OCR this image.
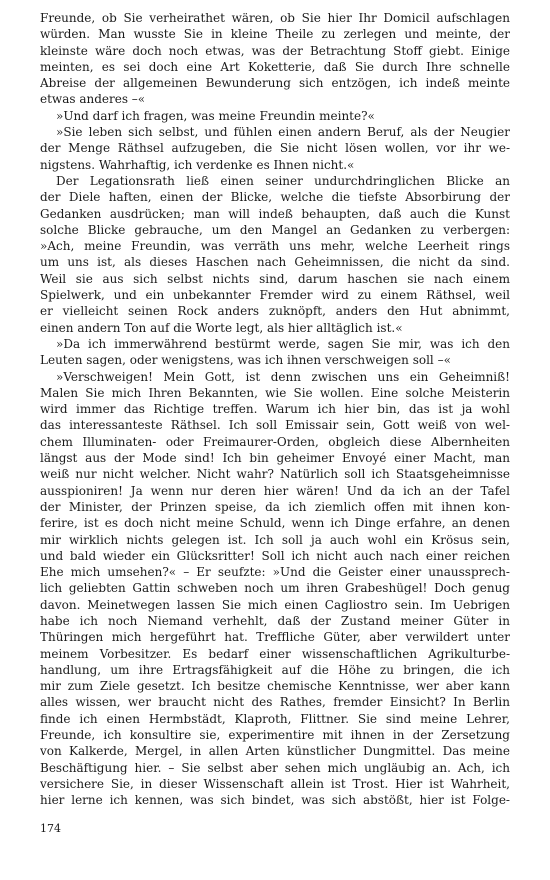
Freunde, ob Sie verheirathet wären, ob Sie hier Ihr Domicil aufschlagen
würden. Man wusste Sie in kleine Theile zu zerlegen und meinte, der
kleinste wäre doch noch etwas, was der Betrachtung Stoff giebt. Einige
meinten, es sei doch eine Art Koketterie, daß Sie durch Ihre schnelle
Abreise der allgemeinen Bewunderung sich entzögen, ich indeß meinte
etwas anderes –«
»Und darf ich fragen, was meine Freundin meinte?«
»Sie leben sich selbst, und fühlen einen andern Beruf, als der Neugier
der Menge Räthsel aufzugeben, die Sie nicht lösen wollen, vor ihr we-
nigstens. Wahrhaftig, ich verdenke es Ihnen nicht.«
Der Legationsrath ließ einen seiner undurchdringlichen Blicke an
der Diele haften, einen der Blicke, welche die tiefste Absorbirung der
Gedanken ausdrücken; man will indeß behaupten, daß auch die Kunst
solche Blicke gebrauche, um den Mangel an Gedanken zu verbergen:
»Ach, meine Freundin, was verräth uns mehr, welche Leerheit rings
um uns ist, als dieses Haschen nach Geheimnissen, die nicht da sind.
Weil sie aus sich selbst nichts sind, darum haschen sie nach einem
Spielwerk, und ein unbekannter Fremder wird zu einem Räthsel, weil
er vielleicht seinen Rock anders zuknöpft, anders den Hut abnimmt,
einen andern Ton auf die Worte legt, als hier alltäglich ist.«
»Da ich immerwährend bestürmt werde, sagen Sie mir, was ich den
Leuten sagen, oder wenigstens, was ich ihnen verschweigen soll –«
»Verschweigen! Mein Gott, ist denn zwischen uns ein Geheimniß!
Malen Sie mich Ihren Bekannten, wie Sie wollen. Eine solche Meisterin
wird immer das Richtige treffen. Warum ich hier bin, das ist ja wohl
das interessanteste Räthsel. Ich soll Emissair sein, Gott weiß von wel-
chem Illuminaten- oder Freimaurer-Orden, obgleich diese Albernheiten
längst aus der Mode sind! Ich bin geheimer Envoyé einer Macht, man
weiß nur nicht welcher. Nicht wahr? Natürlich soll ich Staatsgeheimnisse
ausspioniren! Ja wenn nur deren hier wären! Und da ich an der Tafel
der Minister, der Prinzen speise, da ich ziemlich offen mit ihnen kon-
ferire, ist es doch nicht meine Schuld, wenn ich Dinge erfahre, an denen
mir wirklich nichts gelegen ist. Ich soll ja auch wohl ein Krösus sein,
und bald wieder ein Glücksritter! Soll ich nicht auch nach einer reichen
Ehe mich umsehen?« – Er seufzte: »Und die Geister einer unaussprech-
lich geliebten Gattin schweben noch um ihren Grabeshügel! Doch genug
davon. Meinetwegen lassen Sie mich einen Cagliostro sein. Im Uebrigen
habe ich noch Niemand verhehlt, daß der Zustand meiner Güter in
Thüringen mich hergeführt hat. Treffliche Güter, aber verwildert unter
meinem Vorbesitzer. Es bedarf einer wissenschaftlichen Agrikulturbe-
handlung, um ihre Ertragsfähigkeit auf die Höhe zu bringen, die ich
mir zum Ziele gesetzt. Ich besitze chemische Kenntnisse, wer aber kann
alles wissen, wer braucht nicht des Rathes, fremder Einsicht? In Berlin
finde ich einen Hermbstädt, Klaproth, Flittner. Sie sind meine Lehrer,
Freunde, ich konsultire sie, experimentire mit ihnen in der Zersetzung
von Kalkerde, Mergel, in allen Arten künstlicher Dungmittel. Das meine
Beschäftigung hier. – Sie selbst aber sehen mich ungläubig an. Ach, ich
versichere Sie, in dieser Wissenschaft allein ist Trost. Hier ist Wahrheit,
hier lerne ich kennen, was sich bindet, was sich abstößt, hier ist Folge-
174
